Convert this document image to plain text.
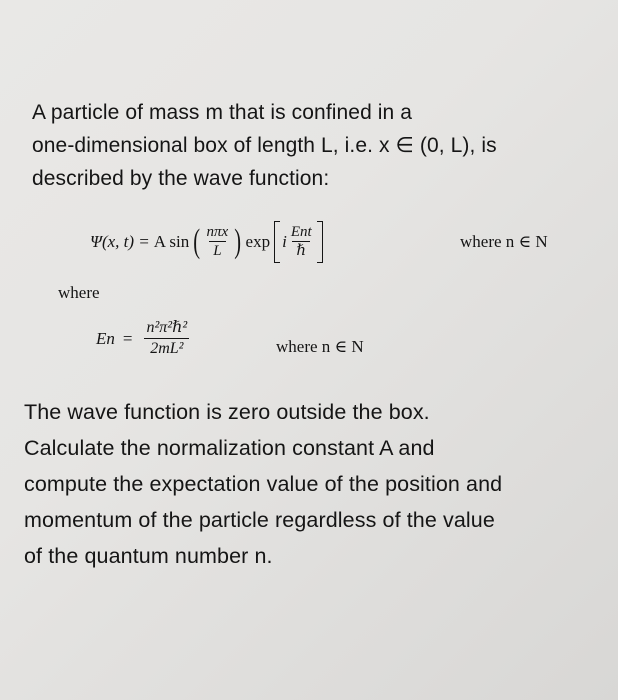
A particle of mass m that is confined in a
one-dimensional box of length L, i.e. x ∈ (0, L), is
described by the wave function:

Ψ(x, t) = A sin ( $\frac{\text{nπx}}{L}$ ) exp i $\frac{\text{Ent}}{\text{ℏ}}$	where n ∈ N
where
$En = \frac{\text{n²π²ℏ²}}{\text{2mL²}}$	where n ∈ N

The wave function is zero outside the box.
Calculate the normalization constant A and
compute the expectation value of the position and
momentum of the particle regardless of the value
of the quantum number n.
